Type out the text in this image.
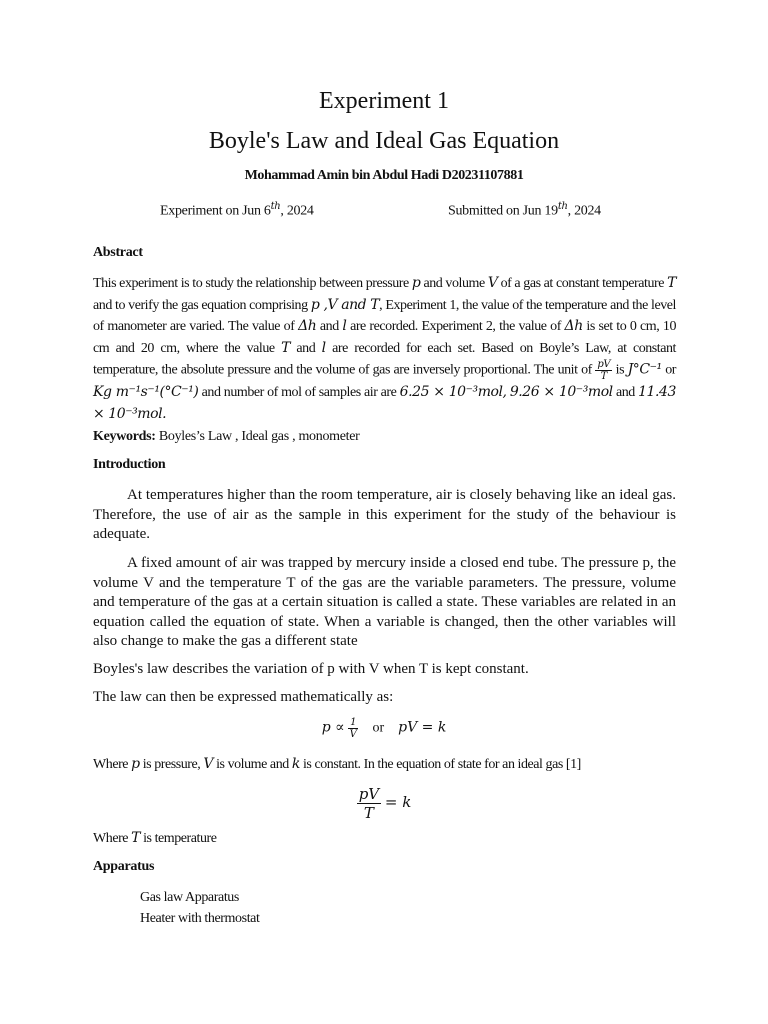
Experiment 1
Boyle's Law and Ideal Gas Equation
Mohammad Amin bin Abdul Hadi D20231107881
Experiment on Jun 6th, 2024	Submitted on Jun 19th, 2024
Abstract
This experiment is to study the relationship between pressure p and volume V of a gas at constant temperature T and to verify the gas equation comprising p ,V and T, Experiment 1, the value of the temperature and the level of manometer are varied. The value of Δh and l are recorded. Experiment 2, the value of Δh is set to 0 cm, 10 cm and 20 cm, where the value T and l are recorded for each set. Based on Boyle’s Law, at constant temperature, the absolute pressure and the volume of gas are inversely proportional. The unit of $\frac{pV}{T}$ is J°C⁻¹ or Kg m⁻¹s⁻¹(°C⁻¹) and number of mol of samples air are 6.25 × 10⁻³mol, 9.26 × 10⁻³mol and 11.43 × 10⁻³mol.
Keywords: Boyles’s Law , Ideal gas , monometer
Introduction
At temperatures higher than the room temperature, air is closely behaving like an ideal gas. Therefore, the use of air as the sample in this experiment for the study of the behaviour is adequate.
A fixed amount of air was trapped by mercury inside a closed end tube. The pressure p, the volume V and the temperature T of the gas are the variable parameters. The pressure, volume and temperature of the gas at a certain situation is called a state. These variables are related in an equation called the equation of state. When a variable is changed, then the other variables will also change to make the gas a different state
Boyles's law describes the variation of p with V when T is kept constant.
The law can then be expressed mathematically as:
$p \propto \frac{1}{V}$ or pV = k
Where p is pressure, V is volume and k is constant. In the equation of state for an ideal gas [1]
$\frac{pV}{T} = k$
Where T is temperature
Apparatus
Gas law Apparatus
Heater with thermostat
